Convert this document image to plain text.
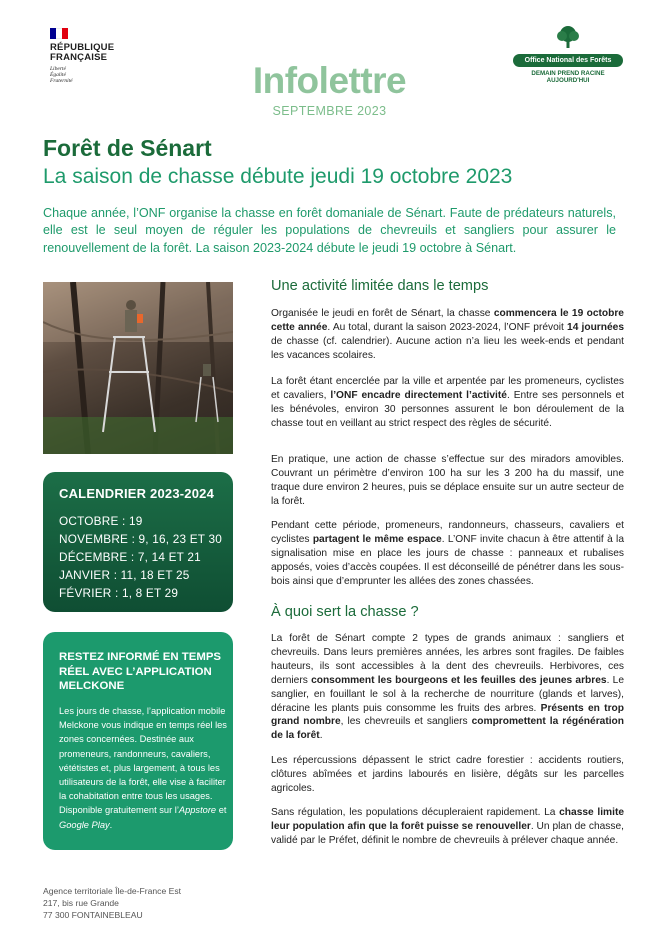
RÉPUBLIQUE
FRANÇAISE
Liberté
Égalité
Fraternité
Office National des Forêts
DEMAIN PREND RACINE
AUJOURD'HUI
Infolettre
SEPTEMBRE 2023
Forêt de Sénart
La saison de chasse débute jeudi 19 octobre 2023
Chaque année, l’ONF organise la chasse en forêt domaniale de Sénart. Faute de prédateurs naturels, elle est le seul moyen de réguler les populations de chevreuils et sangliers pour assurer le renouvellement de la forêt. La saison 2023-2024 débute le jeudi 19 octobre à Sénart.
CALENDRIER 2023-2024
OCTOBRE : 19
NOVEMBRE : 9, 16, 23 ET 30
DÉCEMBRE : 7, 14 ET 21
JANVIER : 11, 18 ET 25
FÉVRIER : 1, 8 ET 29
RESTEZ INFORMÉ EN TEMPS RÉEL AVEC L’APPLICATION MELCKONE
Les jours de chasse, l’application mobile Melckone vous indique en temps réel les zones concernées. Destinée aux promeneurs, randonneurs, cavaliers, vététistes et, plus largement, à tous les utilisateurs de la forêt, elle vise à faciliter la cohabitation entre tous les usages. Disponible gratuitement sur l’Appstore et Google Play.
Agence territoriale Île-de-France Est
217, bis rue Grande
77 300 FONTAINEBLEAU
Une activité limitée dans le temps
Organisée le jeudi en forêt de Sénart, la chasse commencera le 19 octobre cette année. Au total, durant la saison 2023-2024, l’ONF prévoit 14 journées de chasse (cf. calendrier). Aucune action n’a lieu les week-ends et pendant les vacances scolaires.
La forêt étant encerclée par la ville et arpentée par les promeneurs, cyclistes et cavaliers, l’ONF encadre directement l’activité. Entre ses personnels et les bénévoles, environ 30 personnes assurent le bon déroulement de la chasse tout en veillant au strict respect des règles de sécurité.
En pratique, une action de chasse s’effectue sur des miradors amovibles. Couvrant un périmètre d’environ 100 ha sur les 3 200 ha du massif, une traque dure environ 2 heures, puis se déplace ensuite sur un autre secteur de la forêt.
Pendant cette période, promeneurs, randonneurs, chasseurs, cavaliers et cyclistes partagent le même espace. L’ONF invite chacun à être attentif à la signalisation mise en place les jours de chasse : panneaux et rubalises apposés, voies d’accès coupées. Il est déconseillé de pénétrer dans les sous-bois ainsi que d’emprunter les allées des zones chassées.
À quoi sert la chasse ?
La forêt de Sénart compte 2 types de grands animaux : sangliers et chevreuils. Dans leurs premières années, les arbres sont fragiles. De faibles hauteurs, ils sont accessibles à la dent des chevreuils. Herbivores, ces derniers consomment les bourgeons et les feuilles des jeunes arbres. Le sanglier, en fouillant le sol à la recherche de nourriture (glands et larves), déracine les plants puis consomme les fruits des arbres. Présents en trop grand nombre, les chevreuils et sangliers compromettent la régénération de la forêt.
Les répercussions dépassent le strict cadre forestier : accidents routiers, clôtures abîmées et jardins labourés en lisière, dégâts sur les parcelles agricoles.
Sans régulation, les populations décupleraient rapidement. La chasse limite leur population afin que la forêt puisse se renouveller. Un plan de chasse, validé par le Préfet, définit le nombre de chevreuils à prélever chaque année.
